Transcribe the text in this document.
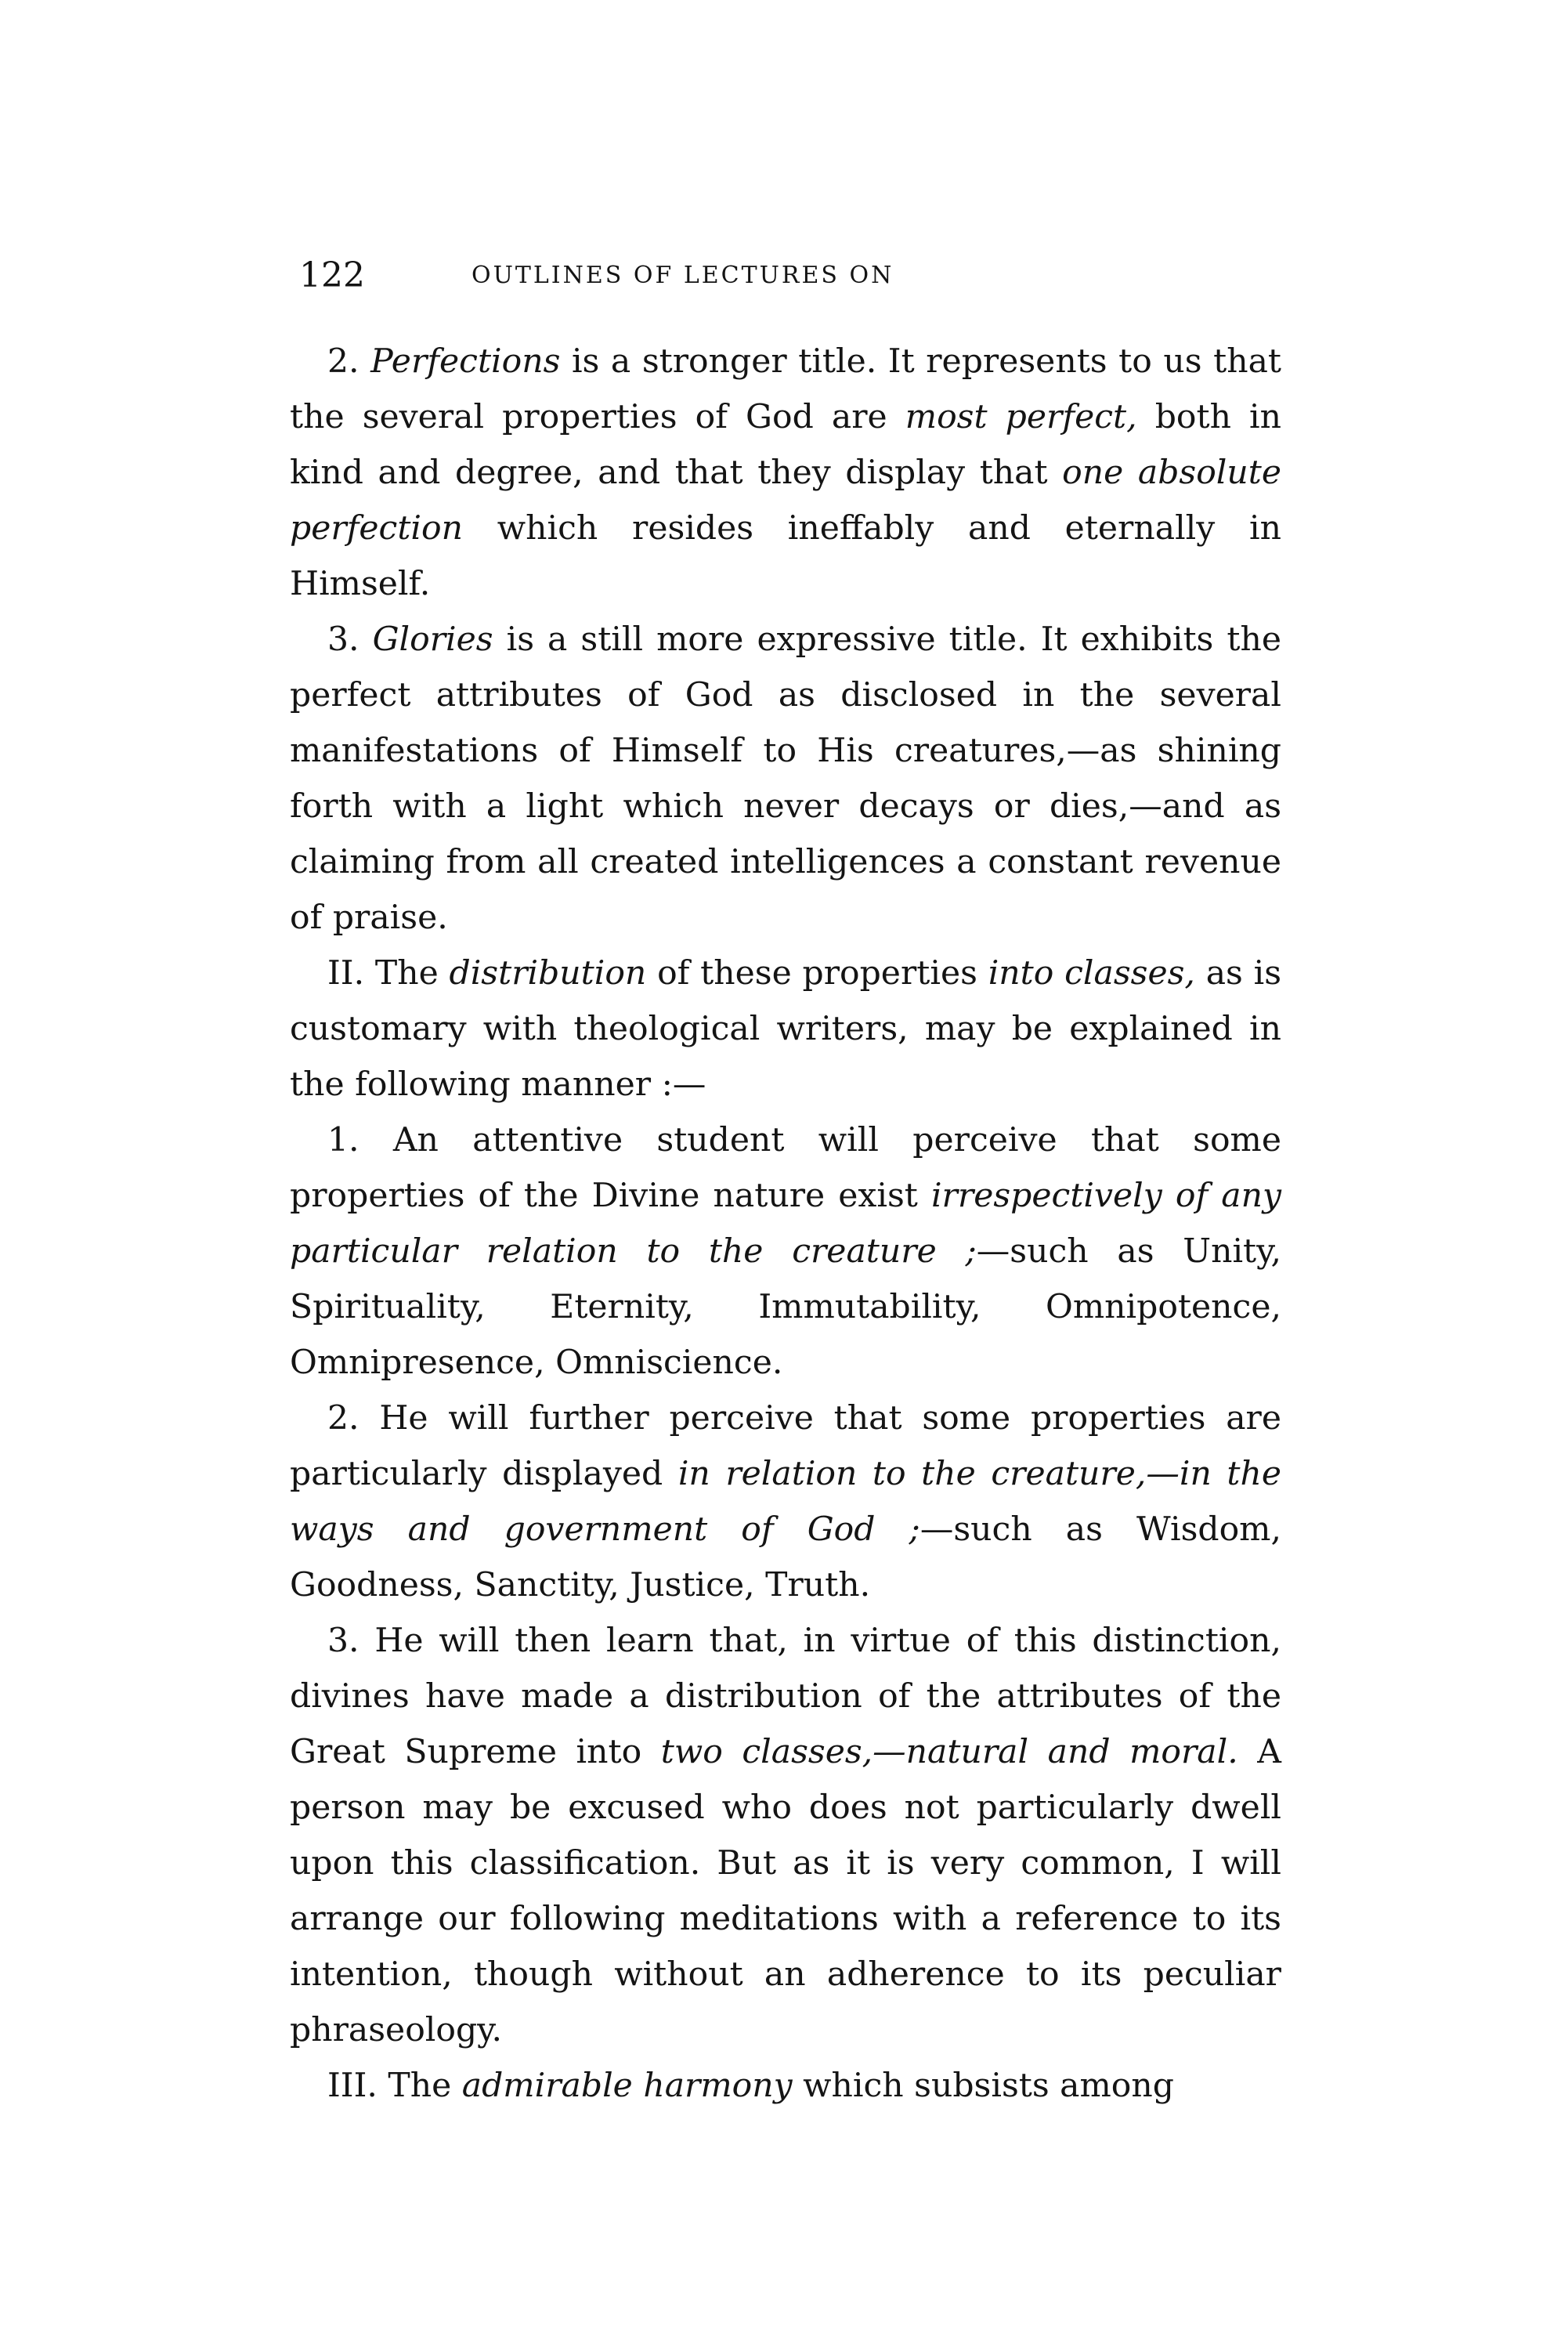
122	OUTLINES OF LECTURES ON

2. Perfections is a stronger title. It represents to us that the several properties of God are most perfect, both in kind and degree, and that they display that one absolute perfection which resides ineffably and eternally in Himself.

3. Glories is a still more expressive title. It exhibits the perfect attributes of God as disclosed in the several manifestations of Himself to His creatures,—as shining forth with a light which never decays or dies,—and as claiming from all created intelligences a constant revenue of praise.

II. The distribution of these properties into classes, as is customary with theological writers, may be explained in the following manner :—

1. An attentive student will perceive that some properties of the Divine nature exist irrespectively of any particular relation to the creature ;—such as Unity, Spirituality, Eternity, Immutability, Omnipotence, Omnipresence, Omniscience.

2. He will further perceive that some properties are particularly displayed in relation to the creature,—in the ways and government of God ;—such as Wisdom, Goodness, Sanctity, Justice, Truth.

3. He will then learn that, in virtue of this distinction, divines have made a distribution of the attributes of the Great Supreme into two classes,—natural and moral. A person may be excused who does not particularly dwell upon this classification. But as it is very common, I will arrange our following meditations with a reference to its intention, though without an adherence to its peculiar phraseology.

III. The admirable harmony which subsists among
